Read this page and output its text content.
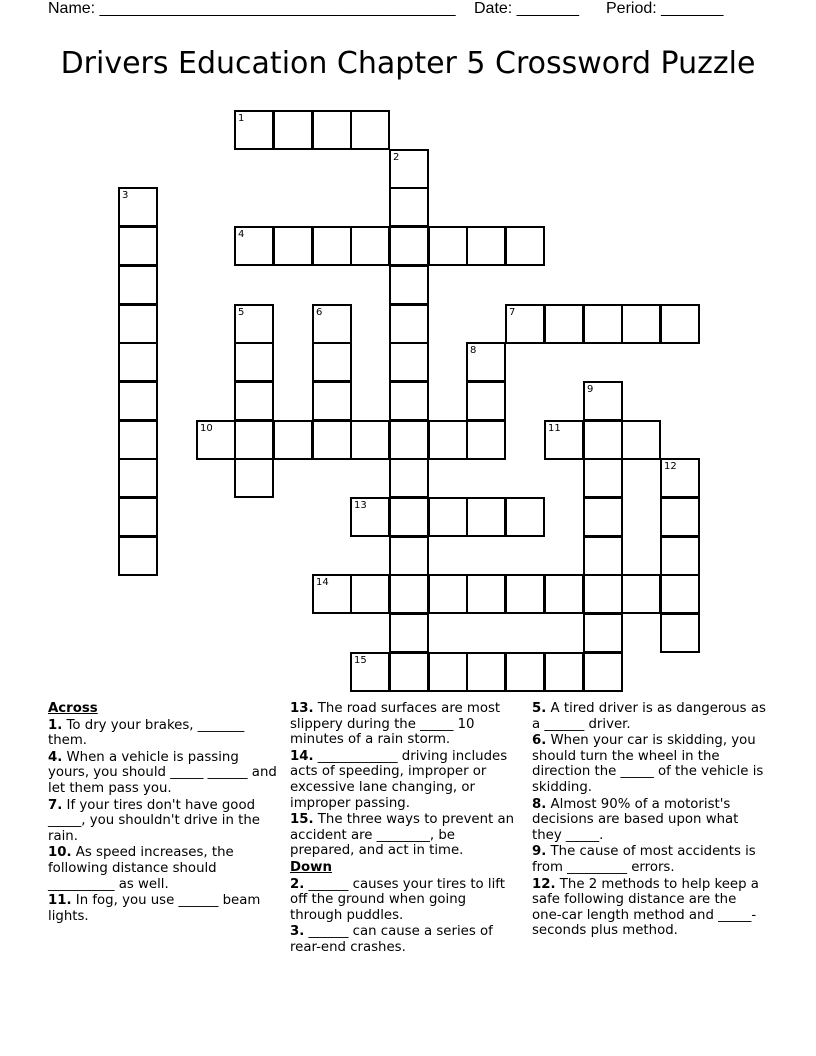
Name: ________________________________________ Date: _______ Period: _______
Drivers Education Chapter 5 Crossword Puzzle
1
2
3
4
5	6	7
8
9
10	11
12
13
14
15
Across
1. To dry your brakes, _______ them.
4. When a vehicle is passing yours, you should _____ ______ and let them pass you.
7. If your tires don't have good _____, you shouldn't drive in the rain.
10. As speed increases, the following distance should __________ as well.
11. In fog, you use ______ beam lights.
13. The road surfaces are most slippery during the _____ 10 minutes of a rain storm.
14. ____________ driving includes acts of speeding, improper or excessive lane changing, or improper passing.
15. The three ways to prevent an accident are ________, be prepared, and act in time.
Down
2. ______ causes your tires to lift off the ground when going through puddles.
3. ______ can cause a series of rear-end crashes.
5. A tired driver is as dangerous as a ______ driver.
6. When your car is skidding, you should turn the wheel in the direction the _____ of the vehicle is skidding.
8. Almost 90% of a motorist's decisions are based upon what they _____.
9. The cause of most accidents is from _________ errors.
12. The 2 methods to help keep a safe following distance are the one-car length method and _____-seconds plus method.
